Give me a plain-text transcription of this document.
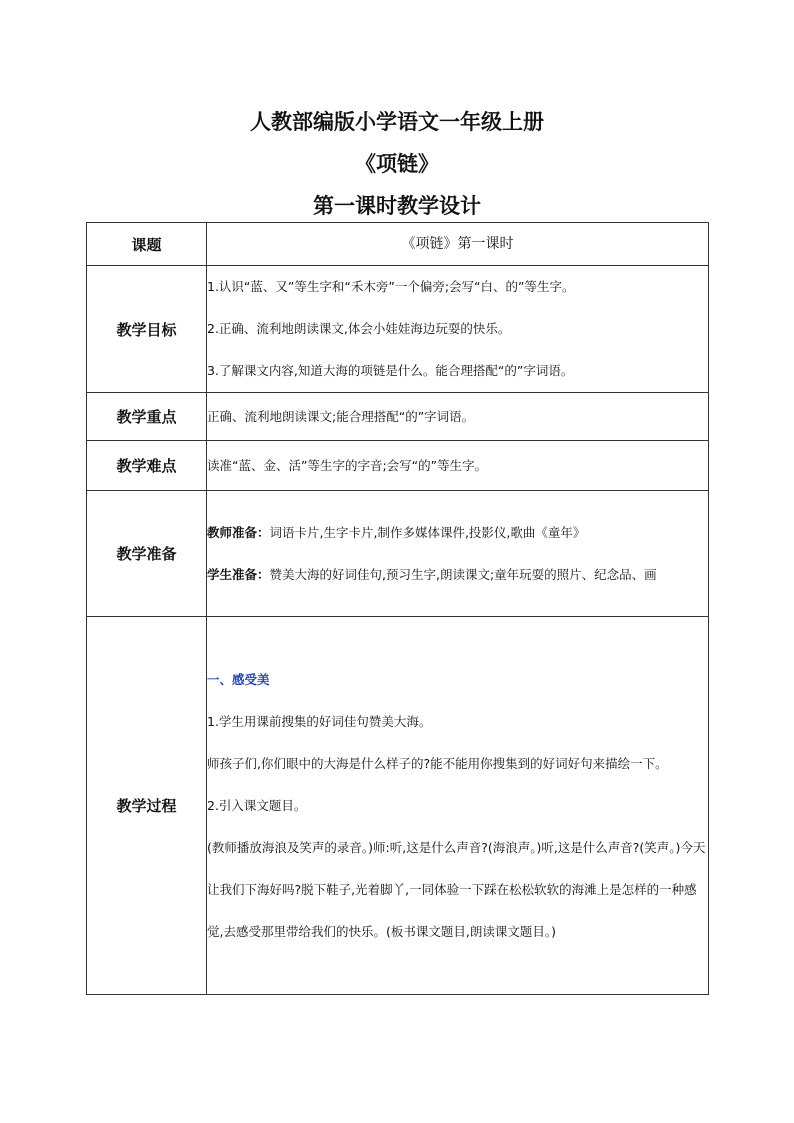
人教部编版小学语文一年级上册
《项链》
第一课时教学设计
课题	《项链》第一课时
教学目标	1.认识“蓝、又”等生字和“禾木旁”一个偏旁;会写“白、的”等生字。

2.正确、流利地朗读课文,体会小娃娃海边玩耍的快乐。

3.了解课文内容,知道大海的项链是什么。能合理搭配“的”字词语。

教学重点	正确、流利地朗读课文;能合理搭配“的”字词语。
教学难点	读准“蓝、金、活”等生字的字音;会写“的”等生字。
教学准备	教师准备：词语卡片,生字卡片,制作多媒体课件,投影仪,歌曲《童年》

学生准备：赞美大海的好词佳句,预习生字,朗读课文;童年玩耍的照片、纪念品、画

教学过程	一、感受美

1.学生用课前搜集的好词佳句赞美大海。

师孩子们,你们眼中的大海是什么样子的?能不能用你搜集到的好词好句来描绘一下。

2.引入课文题目。

(教师播放海浪及笑声的录音。)师:听,这是什么声音?(海浪声。)听,这是什么声音?(笑声。)今天让我们下海好吗?脱下鞋子,光着脚丫,一同体验一下踩在松松软软的海滩上是怎样的一种感觉,去感受那里带给我们的快乐。(板书课文题目,朗读课文题目。)
